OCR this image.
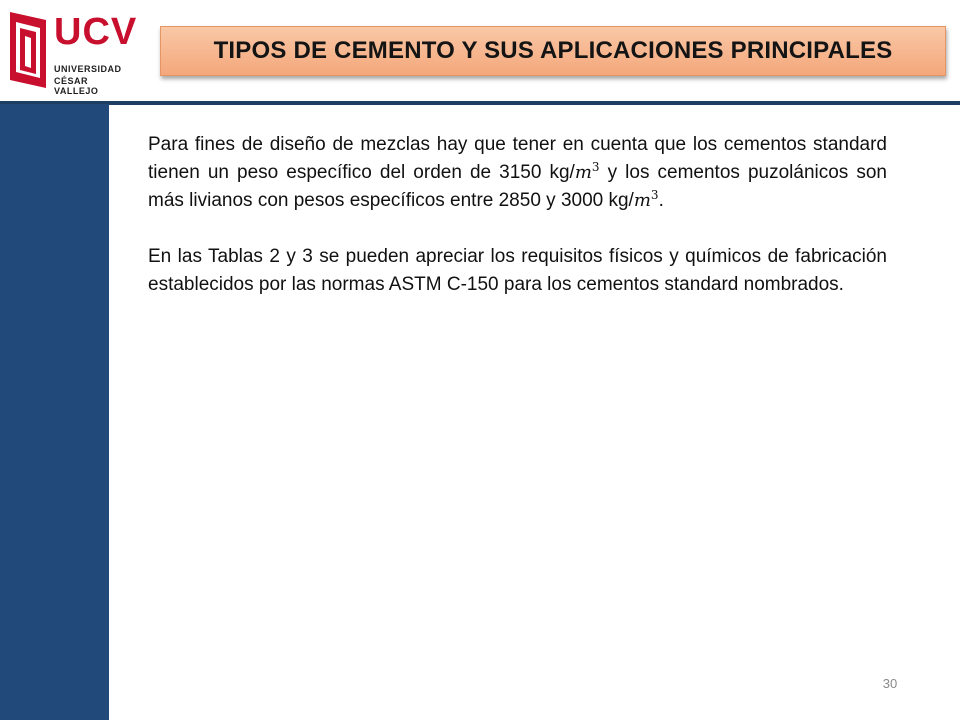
UCV
UNIVERSIDAD
CÉSAR VALLEJO
TIPOS DE CEMENTO Y SUS APLICACIONES PRINCIPALES

Para fines de diseño de mezclas hay que tener en cuenta que los cementos standard tienen un peso específico del orden de 3150 $kg/m^3$ y los cementos puzolánicos son más livianos con pesos específicos entre 2850 y 3000 $kg/m^3$.

En las Tablas 2 y 3 se pueden apreciar los requisitos físicos y químicos de fabricación establecidos por las normas ASTM C-150 para los cementos standard nombrados.

30
